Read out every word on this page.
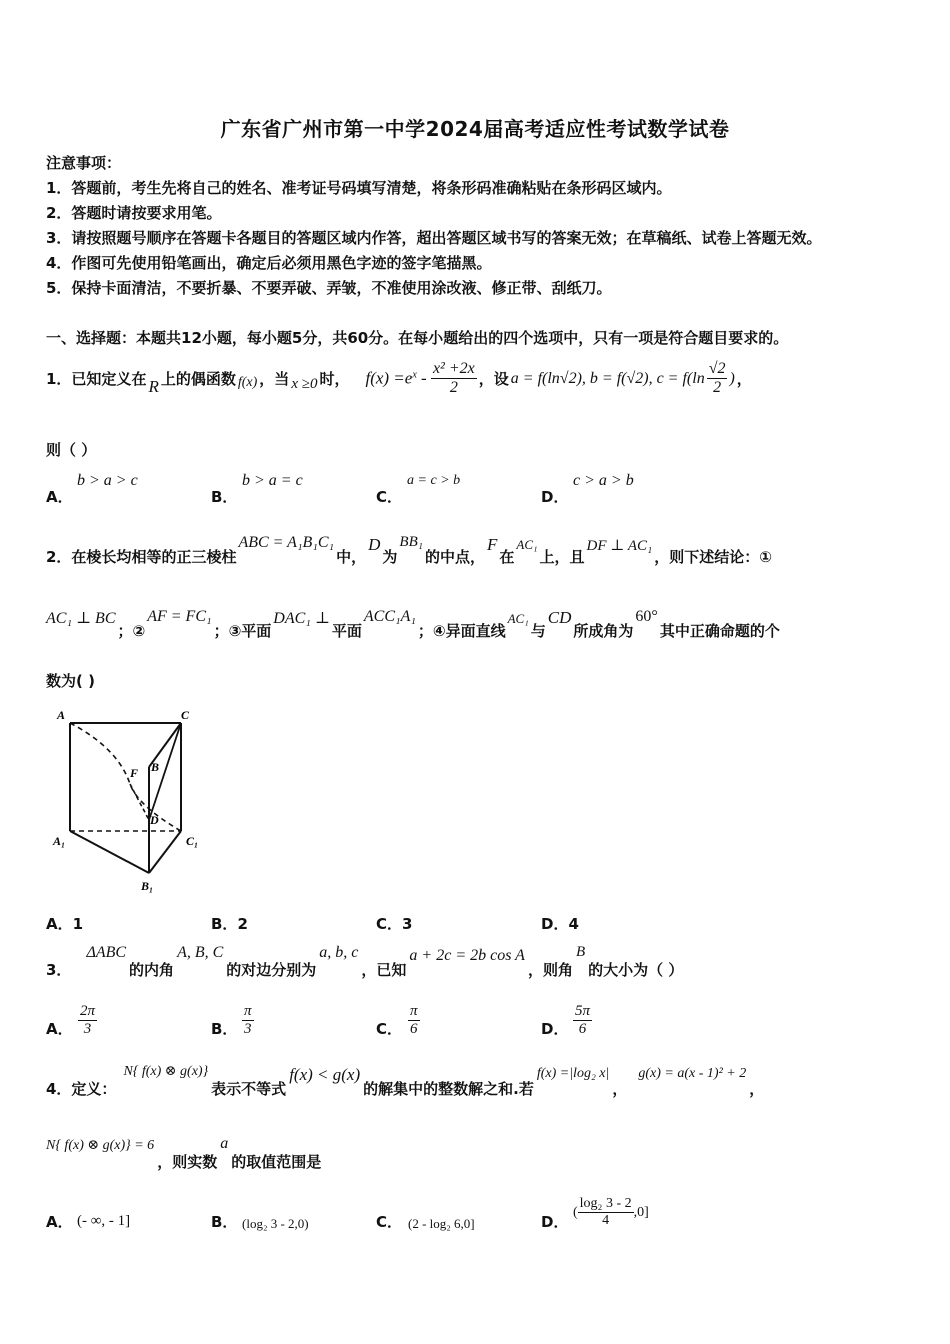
广东省广州市第一中学2024届高考适应性考试数学试卷
注意事项：
1．答题前，考生先将自己的姓名、准考证号码填写清楚，将条形码准确粘贴在条形码区域内。
2．答题时请按要求用笔。
3．请按照题号顺序在答题卡各题目的答题区域内作答，超出答题区域书写的答案无效；在草稿纸、试卷上答题无效。
4．作图可先使用铅笔画出，确定后必须用黑色字迹的签字笔描黑。
5．保持卡面清洁，不要折暴、不要弄破、弄皱，不准使用涂改液、修正带、刮纸刀。
一、选择题：本题共12小题，每小题5分，共60分。在每小题给出的四个选项中，只有一项是符合题目要求的。
1．已知定义在 R 上的偶函数 f(x) ，当 x ≥0 时， $f(x) =e^x - \frac{\text{x² +2x}}{2}$ ，设 a = f(ln√2), b = f(√2), $c = f(\ln \frac{√2}{2}$ ) ，
则（ ）
A．
b > a > c
B．
b > a = c
C．
a = c > b
D．
c > a > b
2．在棱长均相等的正三棱柱
ABC = A₁B₁C₁
中，
D
为
BB₁
的中点，
F
在
AC₁
上，且
DF ⊥ AC₁
，则下述结论：①
AC₁ ⊥ BC
；②
AF = FC₁
；③平面
DAC₁ ⊥
平面
ACC₁A₁
；④异面直线
AC₁
与
CD
所成角为
60°
其中正确命题的个
数为( )
A	C
F B
D
A₁	C₁
B₁
A．1	B．2	C．3	D．4
3．
ΔABC
的内角
A, B, C
的对边分别为
a, b, c
，已知
a + 2c = 2b cos A
，则角
B
的大小为（ ）
A． $\frac{2\pi}{3}$	B． $\frac{\pi}{3}$	C． $\frac{\pi}{6}$	D． $\frac{5\pi}{6}$
4．定义：
N{ f(x) ⊗ g(x)}
表示不等式
f(x) < g(x)
的解集中的整数解之和.若
f(x) =|log₂ x|
，
g(x) = a(x - 1)² + 2
，
N{ f(x) ⊗ g(x)} = 6
，则实数
a
的取值范围是
A． (- ∞, - 1]	B． (log₂ 3 - 2,0)	C． (2 - log₂ 6,0]	D．
( $\frac{\text{log₂ 3 - 2}}{4} ,0$]
